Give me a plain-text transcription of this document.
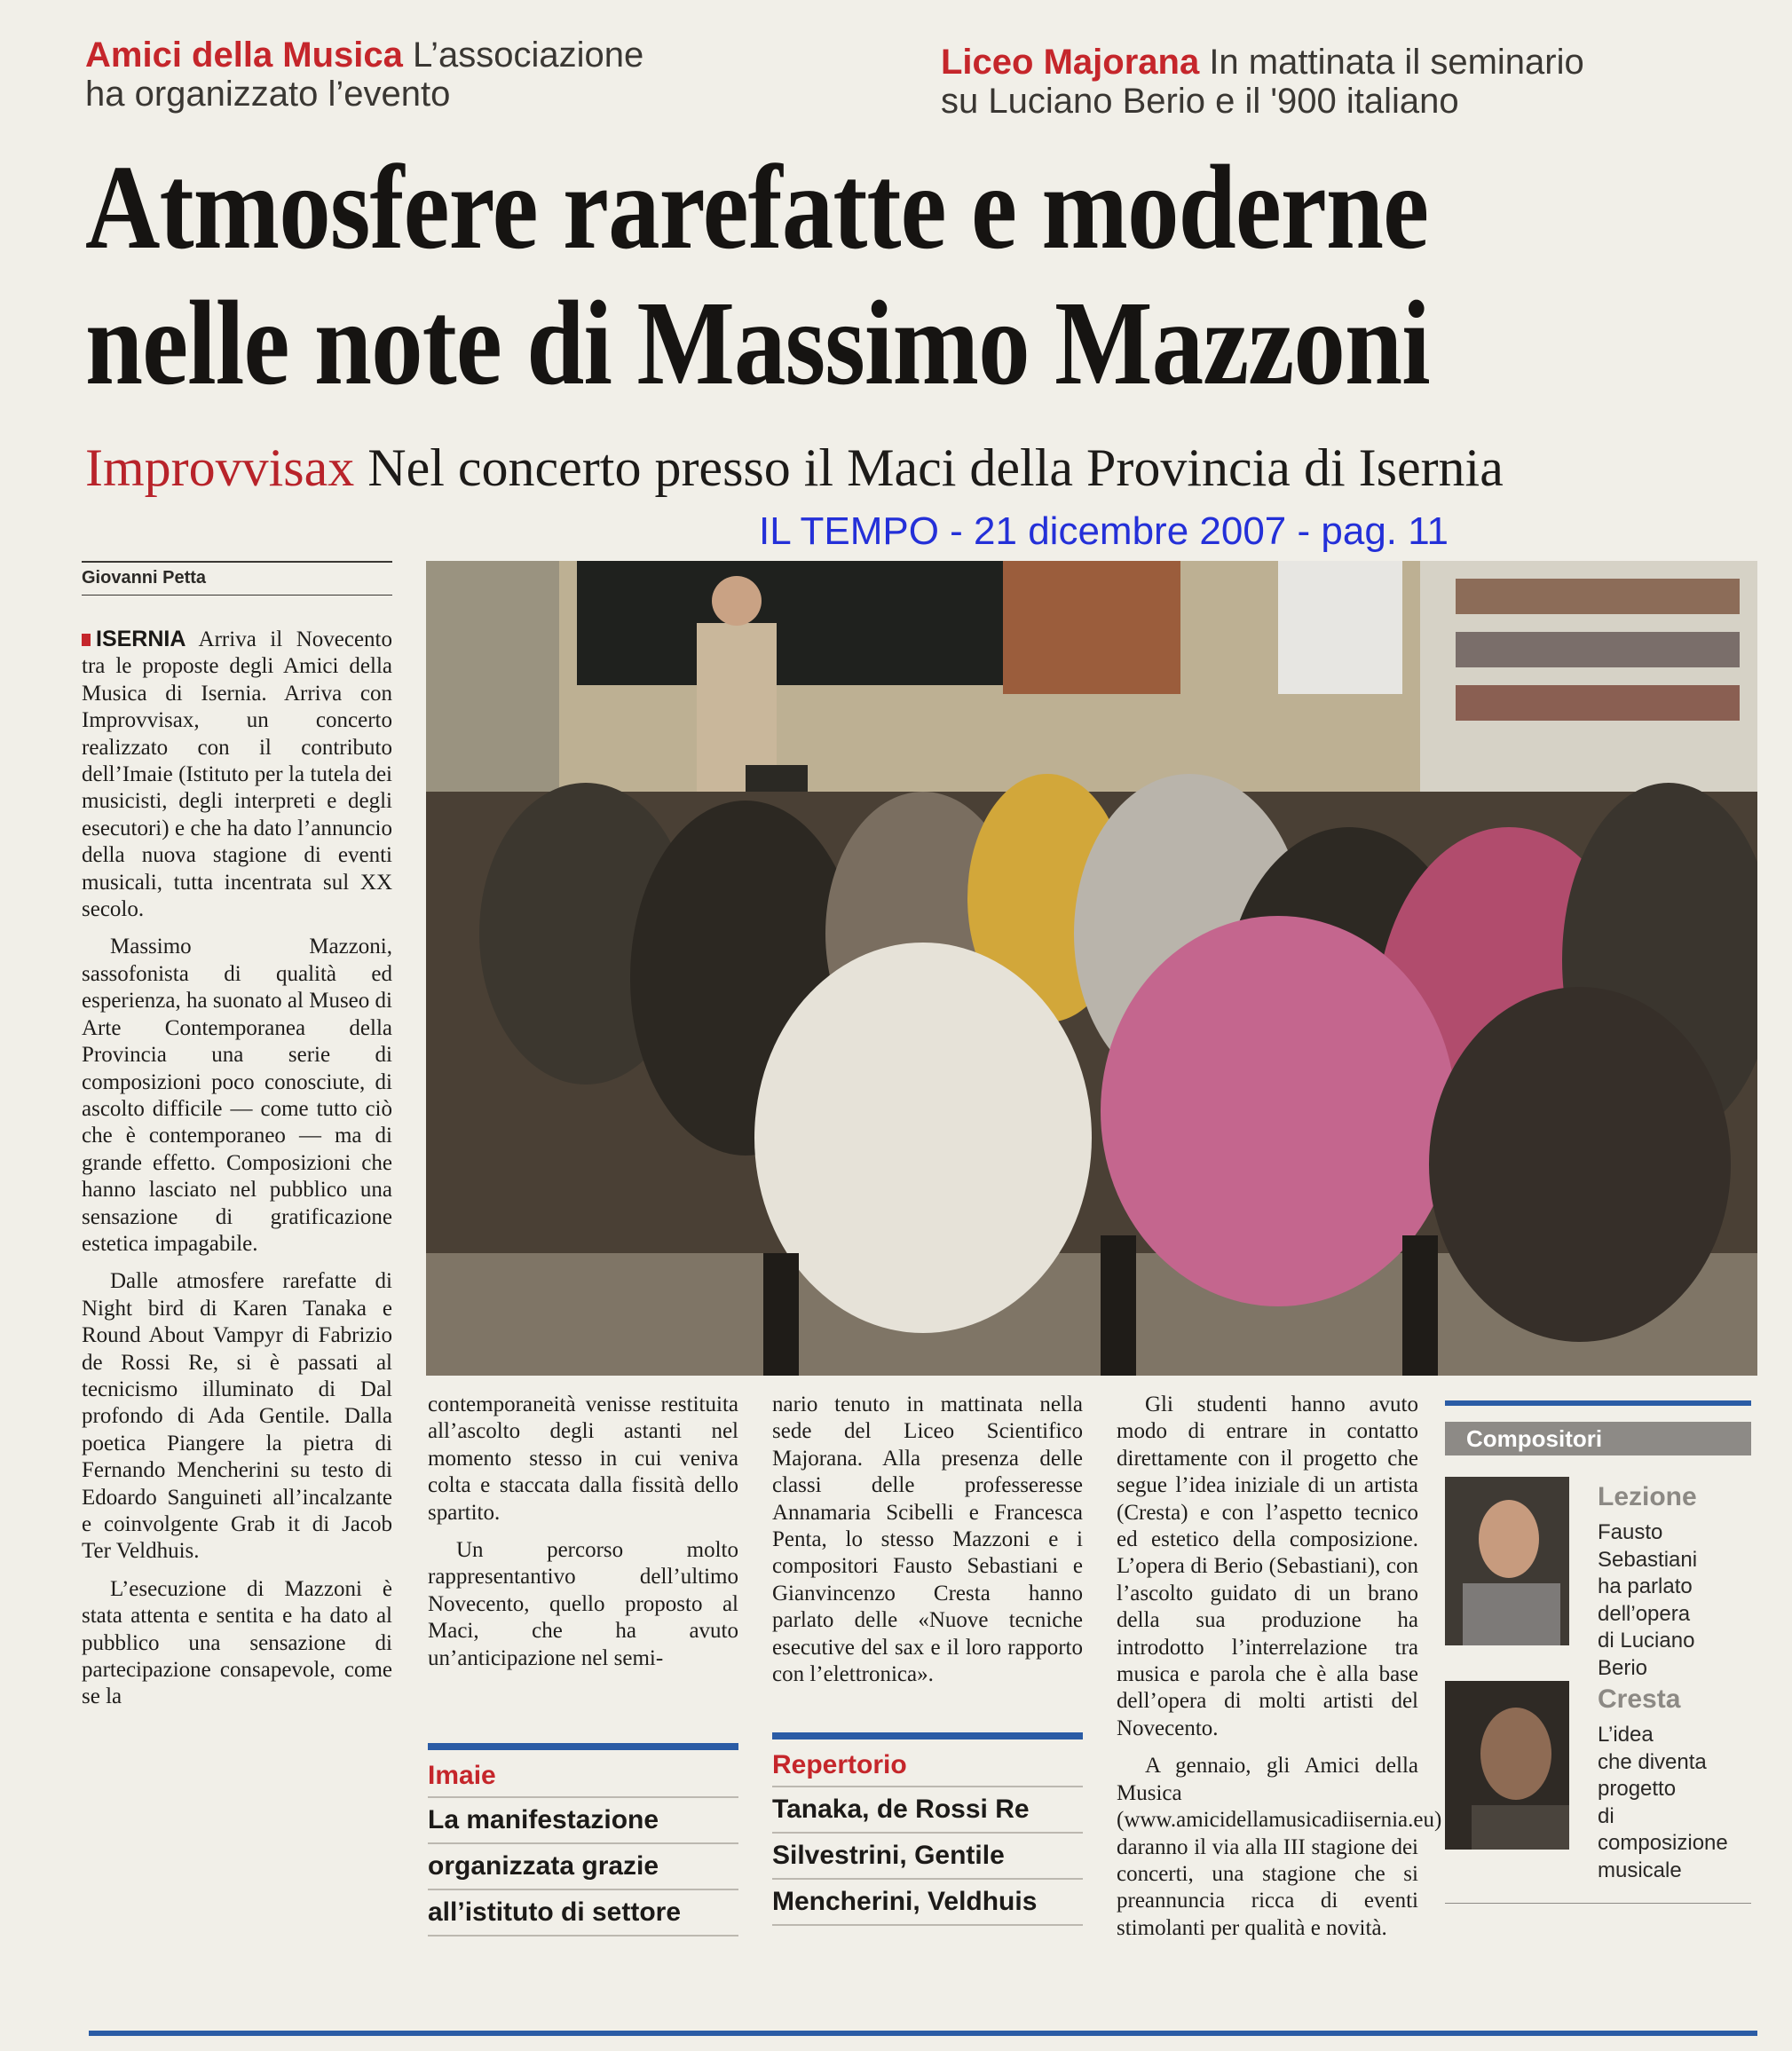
Amici della Musica L’associazione
ha organizzato l’evento
Liceo Majorana In mattinata il seminario
su Luciano Berio e il '900 italiano
Atmosfere rarefatte e moderne
nelle note di Massimo Mazzoni
Improvvisax Nel concerto presso il Maci della Provincia di Isernia
IL TEMPO - 21 dicembre 2007 - pag. 11
Giovanni Petta

ISERNIA Arriva il Novecento tra le proposte degli Amici della Musica di Isernia. Arriva con Improvvisax, un concerto realizzato con il contributo dell’Imaie (Istituto per la tutela dei musicisti, degli interpreti e degli esecutori) e che ha dato l’annuncio della nuova stagione di eventi musicali, tutta incentrata sul XX secolo.

Massimo Mazzoni, sassofonista di qualità ed esperienza, ha suonato al Museo di Arte Contemporanea della Provincia una serie di composizioni poco conosciute, di ascolto difficile — come tutto ciò che è contemporaneo — ma di grande effetto. Composizioni che hanno lasciato nel pubblico una sensazione di gratificazione estetica impagabile.

Dalle atmosfere rarefatte di Night bird di Karen Tanaka e Round About Vampyr di Fabrizio de Rossi Re, si è passati al tecnicismo illuminato di Dal profondo di Ada Gentile. Dalla poetica Piangere la pietra di Fernando Mencherini su testo di Edoardo Sanguineti all’incalzante e coinvolgente Grab it di Jacob Ter Veldhuis.

L’esecuzione di Mazzoni è stata attenta e sentita e ha dato al pubblico una sensazione di partecipazione consapevole, come se la

contemporaneità venisse restituita all’ascolto degli astanti nel momento stesso in cui veniva colta e staccata dalla fissità dello spartito.

Un percorso molto rappresentantivo dell’ultimo Novecento, quello proposto al Maci, che ha avuto un’anticipazione nel semi-

nario tenuto in mattinata nella sede del Liceo Scientifico Majorana. Alla presenza delle classi delle professeresse Annamaria Scibelli e Francesca Penta, lo stesso Mazzoni e i compositori Fausto Sebastiani e Gianvincenzo Cresta hanno parlato delle «Nuove tecniche esecutive del sax e il loro rapporto con l’elettronica».

Gli studenti hanno avuto modo di entrare in contatto direttamente con il progetto che segue l’idea iniziale di un artista (Cresta) e con l’aspetto tecnico ed estetico della composizione. L’opera di Berio (Sebastiani), con l’ascolto guidato di un brano della sua produzione ha introdotto l’interrelazione tra musica e parola che è alla base dell’opera di molti artisti del Novecento.

A gennaio, gli Amici della Musica (www.amicidellamusicadiisernia.eu) daranno il via alla III stagione dei concerti, una stagione che si preannuncia ricca di eventi stimolanti per qualità e novità.

Imaie
La manifestazione
organizzata grazie
all’istituto di settore
Repertorio
Tanaka, de Rossi Re
Silvestrini, Gentile
Mencherini, Veldhuis
Compositori
Lezione
Fausto
Sebastiani
ha parlato
dell’opera
di Luciano
Berio
Cresta
L’idea
che diventa
progetto
di
composizione
musicale
